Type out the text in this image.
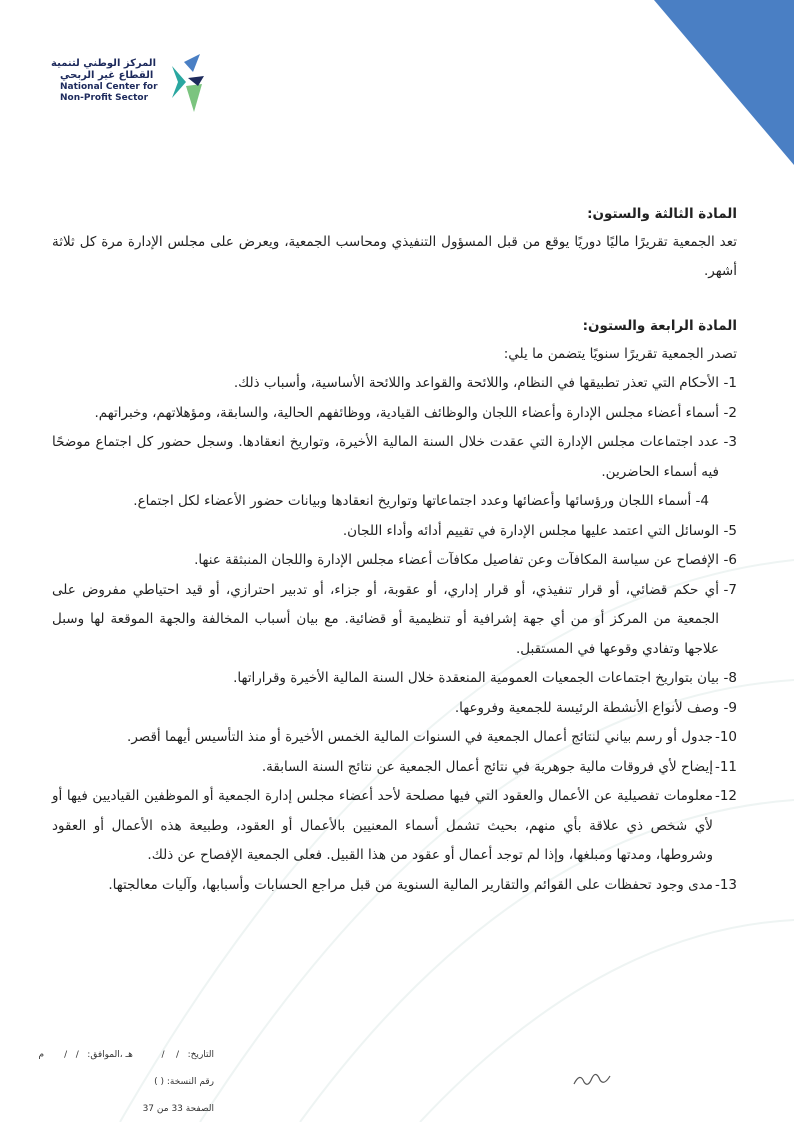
المركز الوطني لتنمية
القطاع غير الربحي
National Center for
Non-Profit Sector
المادة الثالثة والستون:

تعد الجمعية تقريرًا ماليًا دوريًا يوقع من قبل المسؤول التنفيذي ومحاسب الجمعية، ويعرض على مجلس الإدارة مرة كل ثلاثة أشهر.

المادة الرابعة والستون:

تصدر الجمعية تقريرًا سنويًا يتضمن ما يلي:

1-
الأحكام التي تعذر تطبيقها في النظام، واللائحة والقواعد واللائحة الأساسية، وأسباب ذلك.
2-
أسماء أعضاء مجلس الإدارة وأعضاء اللجان والوظائف القيادية، ووظائفهم الحالية، والسابقة، ومؤهلاتهم، وخبراتهم.
3-
عدد اجتماعات مجلس الإدارة التي عقدت خلال السنة المالية الأخيرة، وتواريخ انعقادها. وسجل حضور كل اجتماع موضحًا فيه أسماء الحاضرين.
4- أسماء اللجان ورؤسائها وأعضائها وعدد اجتماعاتها وتواريخ انعقادها وبيانات حضور الأعضاء لكل اجتماع.
5-
الوسائل التي اعتمد عليها مجلس الإدارة في تقييم أدائه وأداء اللجان.
6-
الإفصاح عن سياسة المكافآت وعن تفاصيل مكافآت أعضاء مجلس الإدارة واللجان المنبثقة عنها.
7-
أي حكم قضائي، أو قرار تنفيذي، أو قرار إداري، أو عقوبة، أو جزاء، أو تدبير احترازي، أو قيد احتياطي مفروض على الجمعية من المركز أو من أي جهة إشرافية أو تنظيمية أو قضائية. مع بيان أسباب المخالفة والجهة الموقعة لها وسبل علاجها وتفادي وقوعها في المستقبل.
8-
بيان بتواريخ اجتماعات الجمعيات العمومية المنعقدة خلال السنة المالية الأخيرة وقراراتها.
9-
وصف لأنواع الأنشطة الرئيسة للجمعية وفروعها.
10-
جدول أو رسم بياني لنتائج أعمال الجمعية في السنوات المالية الخمس الأخيرة أو منذ التأسيس أيهما أقصر.
11-
إيضاح لأي فروقات مالية جوهرية في نتائج أعمال الجمعية عن نتائج السنة السابقة.
12-
معلومات تفصيلية عن الأعمال والعقود التي فيها مصلحة لأحد أعضاء مجلس إدارة الجمعية أو الموظفين القياديين فيها أو لأي شخص ذي علاقة بأي منهم، بحيث تشمل أسماء المعنيين بالأعمال أو العقود، وطبيعة هذه الأعمال أو العقود وشروطها، ومدتها ومبلغها، وإذا لم توجد أعمال أو عقود من هذا القبيل. فعلى الجمعية الإفصاح عن ذلك.
13-
مدى وجود تحفظات على القوائم والتقارير المالية السنوية من قبل مراجع الحسابات وأسبابها، وآليات معالجتها.
التاريخ:   /    /          هـ ،الموافق:   /   /       م
رقم النسخة: ( )
الصفحة 33 من 37
